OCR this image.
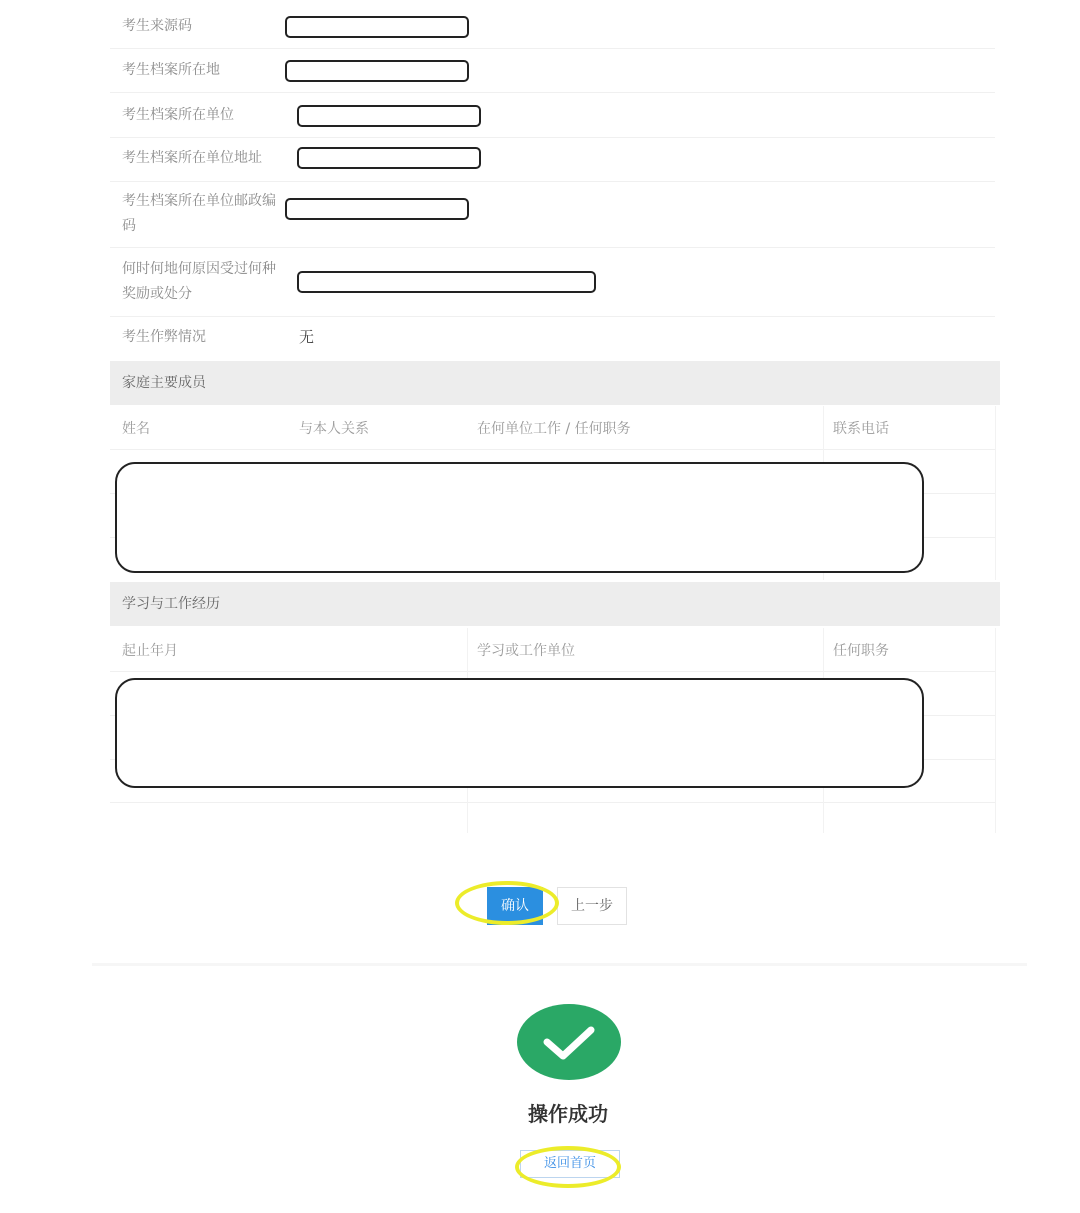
考生来源码
考生档案所在地
考生档案所在单位
考生档案所在单位地址
考生档案所在单位邮政编码
何时何地何原因受过何种奖励或处分
考生作弊情况	无
家庭主要成员
姓名	与本人关系	在何单位工作 / 任何职务	联系电话
学习与工作经历
起止年月	学习或工作单位	任何职务
确认	上一步
操作成功
返回首页
